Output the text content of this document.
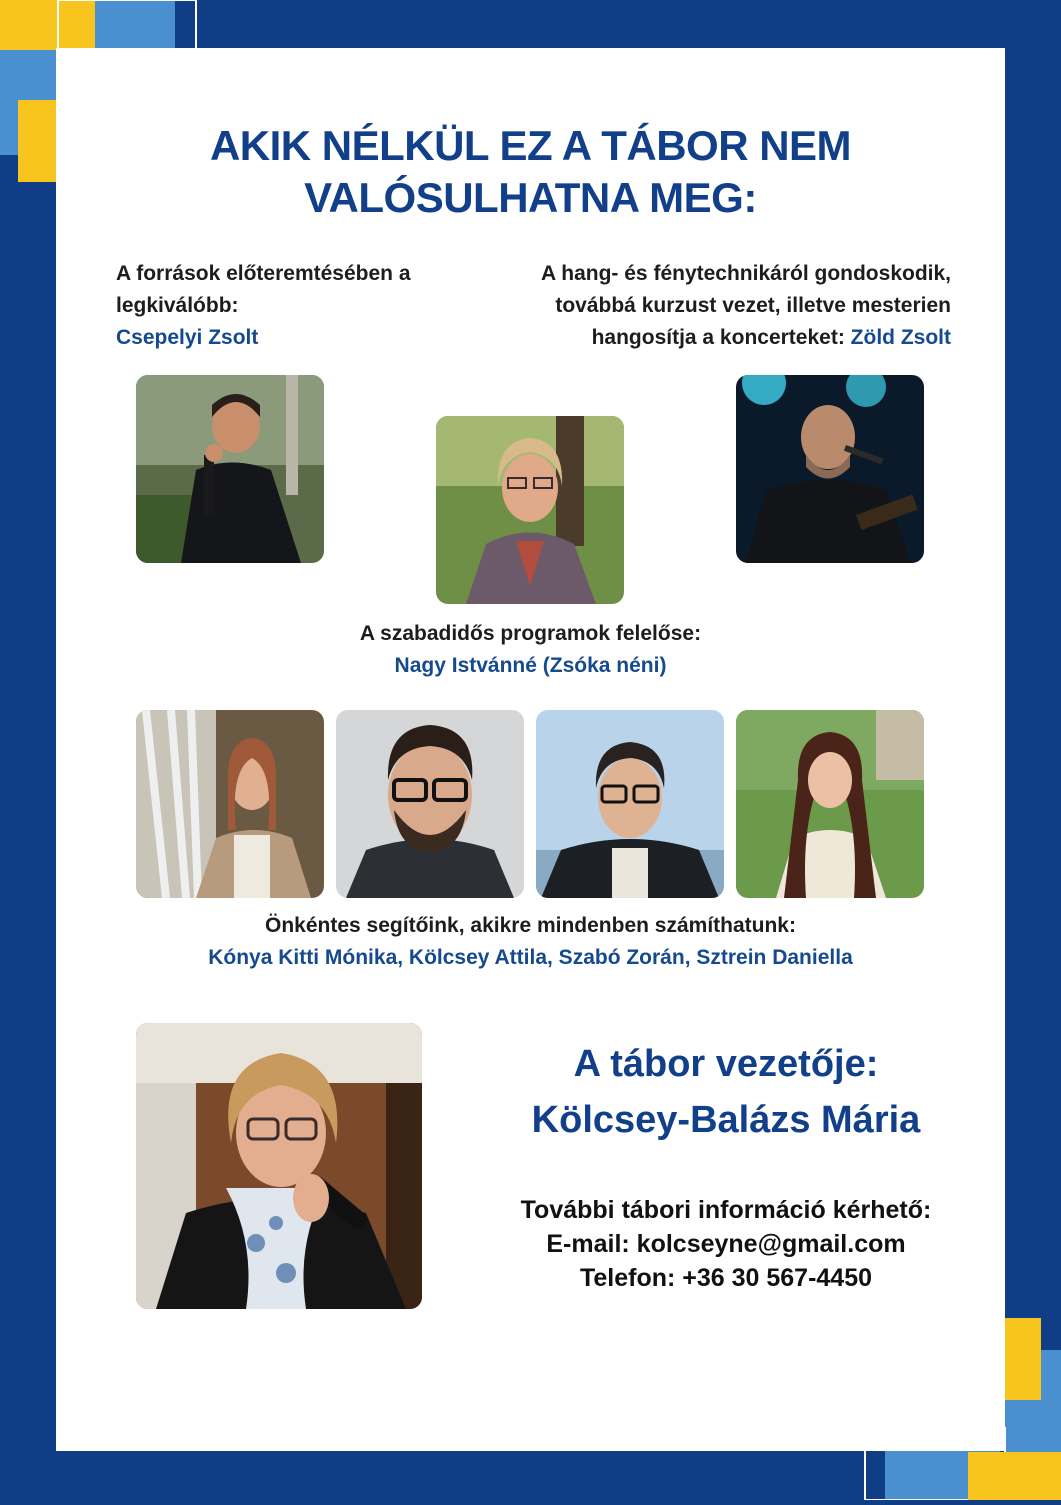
AKIK NÉLKÜL EZ A TÁBOR NEM
VALÓSULHATNA MEG:
A források előteremtésében a
legkiválóbb:
Csepelyi Zsolt
A hang- és fénytechnikáról gondoskodik,
továbbá kurzust vezet, illetve mesterien
hangosítja a koncerteket: Zöld Zsolt
A szabadidős programok felelőse:
Nagy Istvánné (Zsóka néni)
Önkéntes segítőink, akikre mindenben számíthatunk:
Kónya Kitti Mónika, Kölcsey Attila, Szabó Zorán, Sztrein Daniella
A tábor vezetője:
Kölcsey-Balázs Mária
További tábori információ kérhető:
E-mail: kolcseyne@gmail.com
Telefon: +36 30 567-4450
